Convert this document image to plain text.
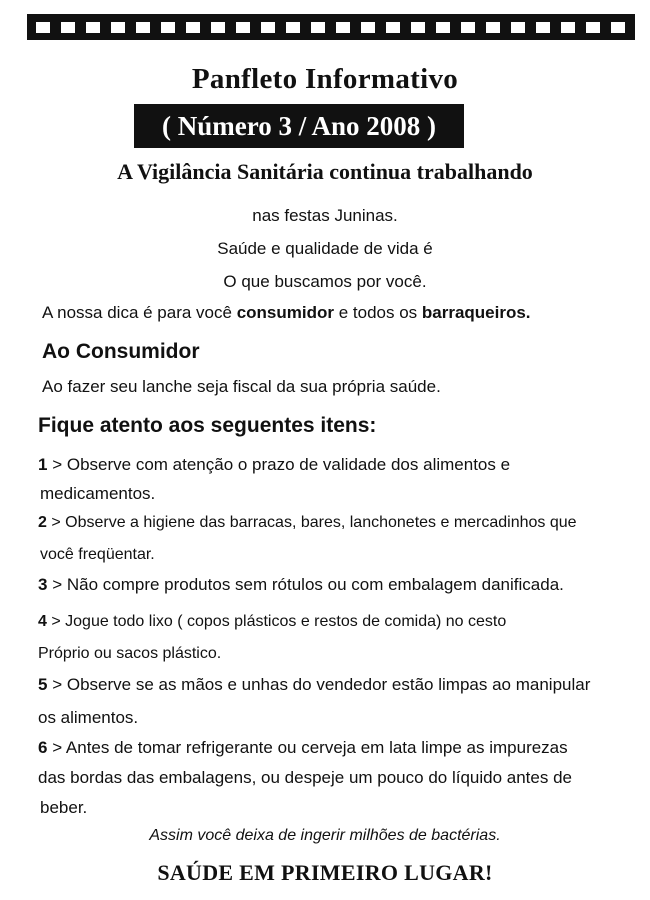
Panfleto Informativo
( Número 3 / Ano 2008 )
A Vigilância Sanitária continua trabalhando
nas festas Juninas.
Saúde e qualidade de vida é
O que buscamos por você.
A nossa dica é para você consumidor e todos os barraqueiros.
Ao Consumidor
Ao fazer seu lanche seja fiscal da sua própria saúde.
Fique atento aos seguentes itens:
1 > Observe com atenção o prazo de validade dos alimentos e
medicamentos.
2 > Observe a higiene das barracas, bares, lanchonetes e mercadinhos que
você freqüentar.
3 > Não compre produtos sem rótulos ou com embalagem danificada.
4 > Jogue todo lixo ( copos plásticos e restos de comida) no cesto
Próprio ou sacos plástico.
5 > Observe se as mãos e unhas do vendedor estão limpas ao manipular
os alimentos.
6 > Antes de tomar refrigerante ou cerveja em lata limpe as impurezas
das bordas das embalagens, ou despeje um pouco do líquido antes de
beber.
Assim você deixa de ingerir milhões de bactérias.
SAÚDE EM PRIMEIRO LUGAR!
